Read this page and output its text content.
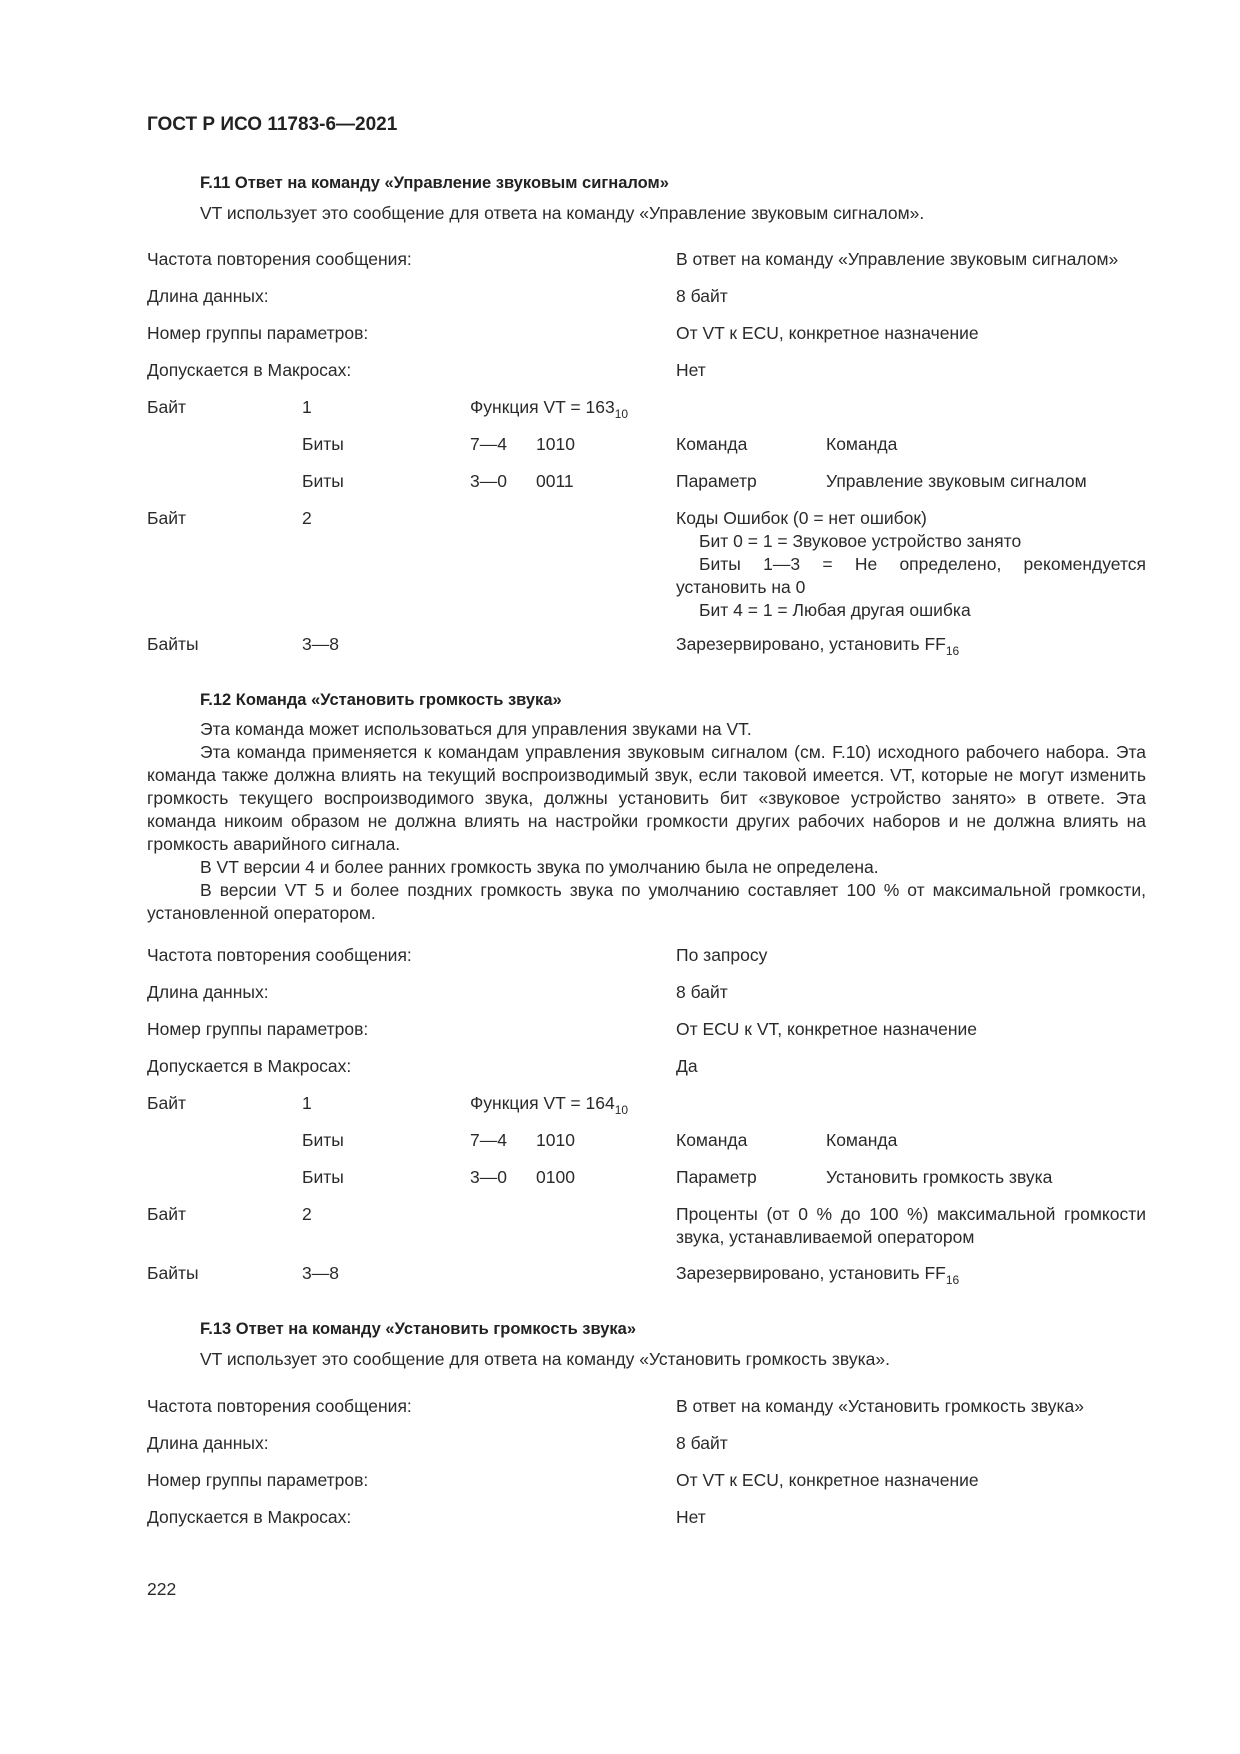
ГОСТ Р ИСО 11783-6—2021
F.11 Ответ на команду «Управление звуковым сигналом»
VT использует это сообщение для ответа на команду «Управление звуковым сигналом».
Частота повторения сообщения:	В ответ на команду «Управление звуковым сигналом»
Длина данных:	8 байт
Номер группы параметров:	От VT к ECU, конкретное назначение
Допускается в Макросах:	Нет
Байт	1	Функция VT = $163_{10}$
Биты	7—4 1010	Команда	Команда
Биты	3—0 0011	Параметр	Управление звуковым сигналом
Байт	2	Коды Ошибок (0 = нет ошибок)
Бит 0 = 1 = Звуковое устройство занято
Биты 1—3 = Не определено, рекомендуется установить на 0
Бит 4 = 1 = Любая другая ошибка
Байты	3—8	Зарезервировано, установить $FF_{16}$
F.12 Команда «Установить громкость звука»

Эта команда может использоваться для управления звуками на VT.

Эта команда применяется к командам управления звуковым сигналом (см. F.10) исходного рабочего набора. Эта команда также должна влиять на текущий воспроизводимый звук, если таковой имеется. VT, которые не могут изменить громкость текущего воспроизводимого звука, должны установить бит «звуковое устройство занято» в ответе. Эта команда никоим образом не должна влиять на настройки громкости других рабочих наборов и не должна влиять на громкость аварийного сигнала.

В VT версии 4 и более ранних громкость звука по умолчанию была не определена.

В версии VT 5 и более поздних громкость звука по умолчанию составляет 100 % от максимальной громкости, установленной оператором.

Частота повторения сообщения:	По запросу
Длина данных:	8 байт
Номер группы параметров:	От ECU к VT, конкретное назначение
Допускается в Макросах:	Да
Байт	1	Функция VT = $164_{10}$
Биты	7—4 1010	Команда	Команда
Биты	3—0 0100	Параметр	Установить громкость звука
Байт	2	Проценты (от 0 % до 100 %) максимальной громкости звука, устанавливаемой оператором
Байты	3—8	Зарезервировано, установить $FF_{16}$
F.13 Ответ на команду «Установить громкость звука»
VT использует это сообщение для ответа на команду «Установить громкость звука».
Частота повторения сообщения:	В ответ на команду «Установить громкость звука»
Длина данных:	8 байт
Номер группы параметров:	От VT к ECU, конкретное назначение
Допускается в Макросах:	Нет
222
